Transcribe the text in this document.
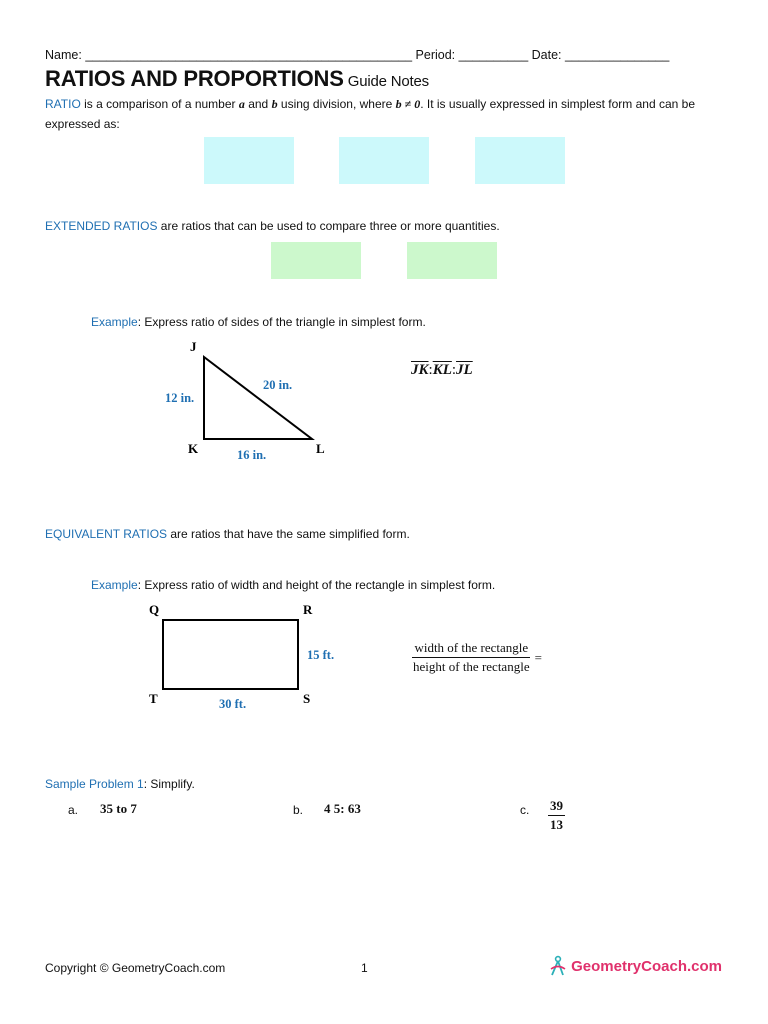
Name: _______________________________________________ Period: __________ Date: _______________
RATIOS AND PROPORTIONS Guide Notes
RATIO is a comparison of a number a and b using division, where b ≠ 0. It is usually expressed in simplest form and can be expressed as:
EXTENDED RATIOS are ratios that can be used to compare three or more quantities.
Example: Express ratio of sides of the triangle in simplest form.
J
K	L
12 in.
20 in.
16 in.
$\overline{JK}:\overline{KL}:\overline{JL}$
EQUIVALENT RATIOS are ratios that have the same simplified form.
Example: Express ratio of width and height of the rectangle in simplest form.
Q	R
S
T
15 ft.
30 ft.
$\frac{\text{width of the rectangle}}{\text{height of the rectangle}}$ =
Sample Problem 1: Simplify.
a. 35 to 7	b. 4 5: 63	c. $\frac{39}{13}$
Copyright © GeometryCoach.com	1	GeometryCoach.com
